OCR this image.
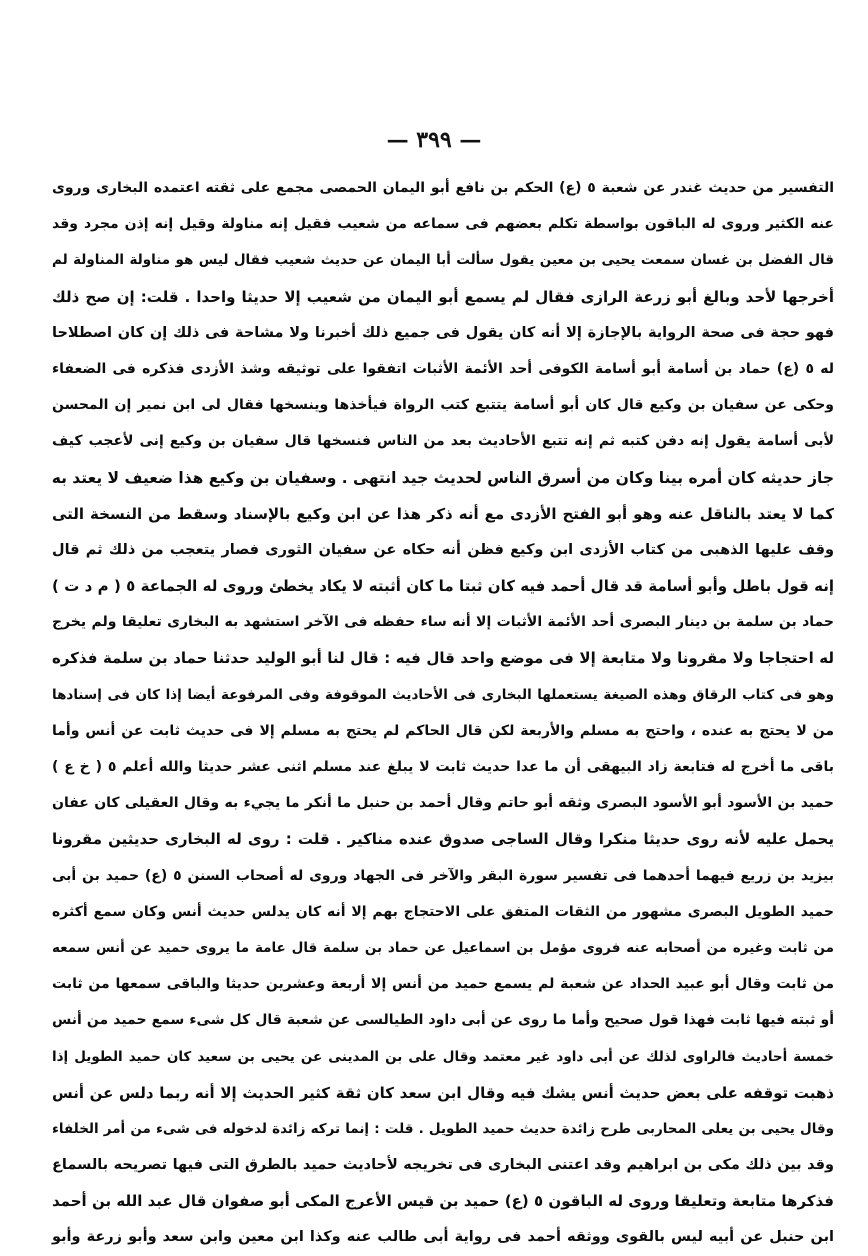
— ٣٩٩ —
التفسير من حديث غندر عن شعبة ٥ (ع) الحكم بن نافع أبو اليمان الحمصى مجمع على ثقته اعتمده البخارى وروى
عنه الكثير وروى له الباقون بواسطة تكلم بعضهم فى سماعه من شعيب فقيل إنه مناولة وقيل إنه إذن مجرد وقد
قال الفضل بن غسان سمعت يحيى بن معين يقول سألت أبا اليمان عن حديث شعيب فقال ليس هو مناولة المناولة لم
أخرجها لأحد وبالغ أبو زرعة الرازى فقال لم يسمع أبو اليمان من شعيب إلا حديثا واحدا . قلت: إن صح ذلك
فهو حجة فى صحة الرواية بالإجازة إلا أنه كان يقول فى جميع ذلك أخبرنا ولا مشاحة فى ذلك إن كان اصطلاحا
له ٥ (ع) حماد بن أسامة أبو أسامة الكوفى أحد الأئمة الأثبات اتفقوا على توثيقه وشذ الأزدى فذكره فى الضعفاء
وحكى عن سفيان بن وكيع قال كان أبو أسامة يتتبع كتب الرواة فيأخذها وينسخها فقال لى ابن نمير إن المحسن
لأبى أسامة يقول إنه دفن كتبه ثم إنه تتبع الأحاديث بعد من الناس فنسخها قال سفيان بن وكيع إنى لأعجب كيف
جاز حديثه كان أمره بينا وكان من أسرق الناس لحديث جيد انتهى . وسفيان بن وكيع هذا ضعيف لا يعتد به
كما لا يعتد بالناقل عنه وهو أبو الفتح الأزدى مع أنه ذكر هذا عن ابن وكيع بالإسناد وسقط من النسخة التى
وقف عليها الذهبى من كتاب الأزدى ابن وكيع فظن أنه حكاه عن سفيان الثورى فصار يتعجب من ذلك ثم قال
إنه قول باطل وأبو أسامة قد قال أحمد فيه كان ثبتا ما كان أثبته لا يكاد يخطئ وروى له الجماعة ٥ ( م د ت )
حماد بن سلمة بن دينار البصرى أحد الأئمة الأثبات إلا أنه ساء حفظه فى الآخر استشهد به البخارى تعليقا ولم يخرج
له احتجاجا ولا مقرونا ولا متابعة إلا فى موضع واحد قال فيه : قال لنا أبو الوليد حدثنا حماد بن سلمة فذكره
وهو فى كتاب الرقاق وهذه الصيغة يستعملها البخارى فى الأحاديث الموقوفة وفى المرفوعة أيضا إذا كان فى إسنادها
من لا يحتج به عنده ، واحتج به مسلم والأربعة لكن قال الحاكم لم يحتج به مسلم إلا فى حديث ثابت عن أنس وأما
باقى ما أخرج له فتابعة زاد البيهقى أن ما عدا حديث ثابت لا يبلغ عند مسلم اثنى عشر حديثا والله أعلم ٥ ( خ ع )
حميد بن الأسود أبو الأسود البصرى وثقه أبو حاتم وقال أحمد بن حنبل ما أنكر ما يجيء به وقال العقيلى كان عفان
يحمل عليه لأنه روى حديثا منكرا وقال الساجى صدوق عنده مناكير . قلت : روى له البخارى حديثين مقرونا
بيزيد بن زريع فيهما أحدهما فى تفسير سورة البقر والآخر فى الجهاد وروى له أصحاب السنن ٥ (ع) حميد بن أبى
حميد الطويل البصرى مشهور من الثقات المتفق على الاحتجاج بهم إلا أنه كان يدلس حديث أنس وكان سمع أكثره
من ثابت وغيره من أصحابه عنه فروى مؤمل بن اسماعيل عن حماد بن سلمة قال عامة ما يروى حميد عن أنس سمعه
من ثابت وقال أبو عبيد الحداد عن شعبة لم يسمع حميد من أنس إلا أربعة وعشرين حديثا والباقى سمعها من ثابت
أو ثبته فيها ثابت فهذا قول صحيح وأما ما روى عن أبى داود الطيالسى عن شعبة قال كل شىء سمع حميد من أنس
خمسة أحاديث فالراوى لذلك عن أبى داود غير معتمد وقال على بن المدينى عن يحيى بن سعيد كان حميد الطويل إذا
ذهبت توقفه على بعض حديث أنس يشك فيه وقال ابن سعد كان ثقة كثير الحديث إلا أنه ربما دلس عن أنس
وقال يحيى بن يعلى المحاربى طرح زائدة حديث حميد الطويل . قلت : إنما تركه زائدة لدخوله فى شىء من أمر الخلفاء
وقد بين ذلك مكى بن ابراهيم وقد اعتنى البخارى فى تخريجه لأحاديث حميد بالطرق التى فيها تصريحه بالسماع
فذكرها متابعة وتعليقا وروى له الباقون ٥ (ع) حميد بن قيس الأعرج المكى أبو صفوان قال عبد الله بن أحمد
ابن حنبل عن أبيه ليس بالقوى ووثقه أحمد فى رواية أبى طالب عنه وكذا ابن معين وابن سعد وأبو زرعة وأبو
